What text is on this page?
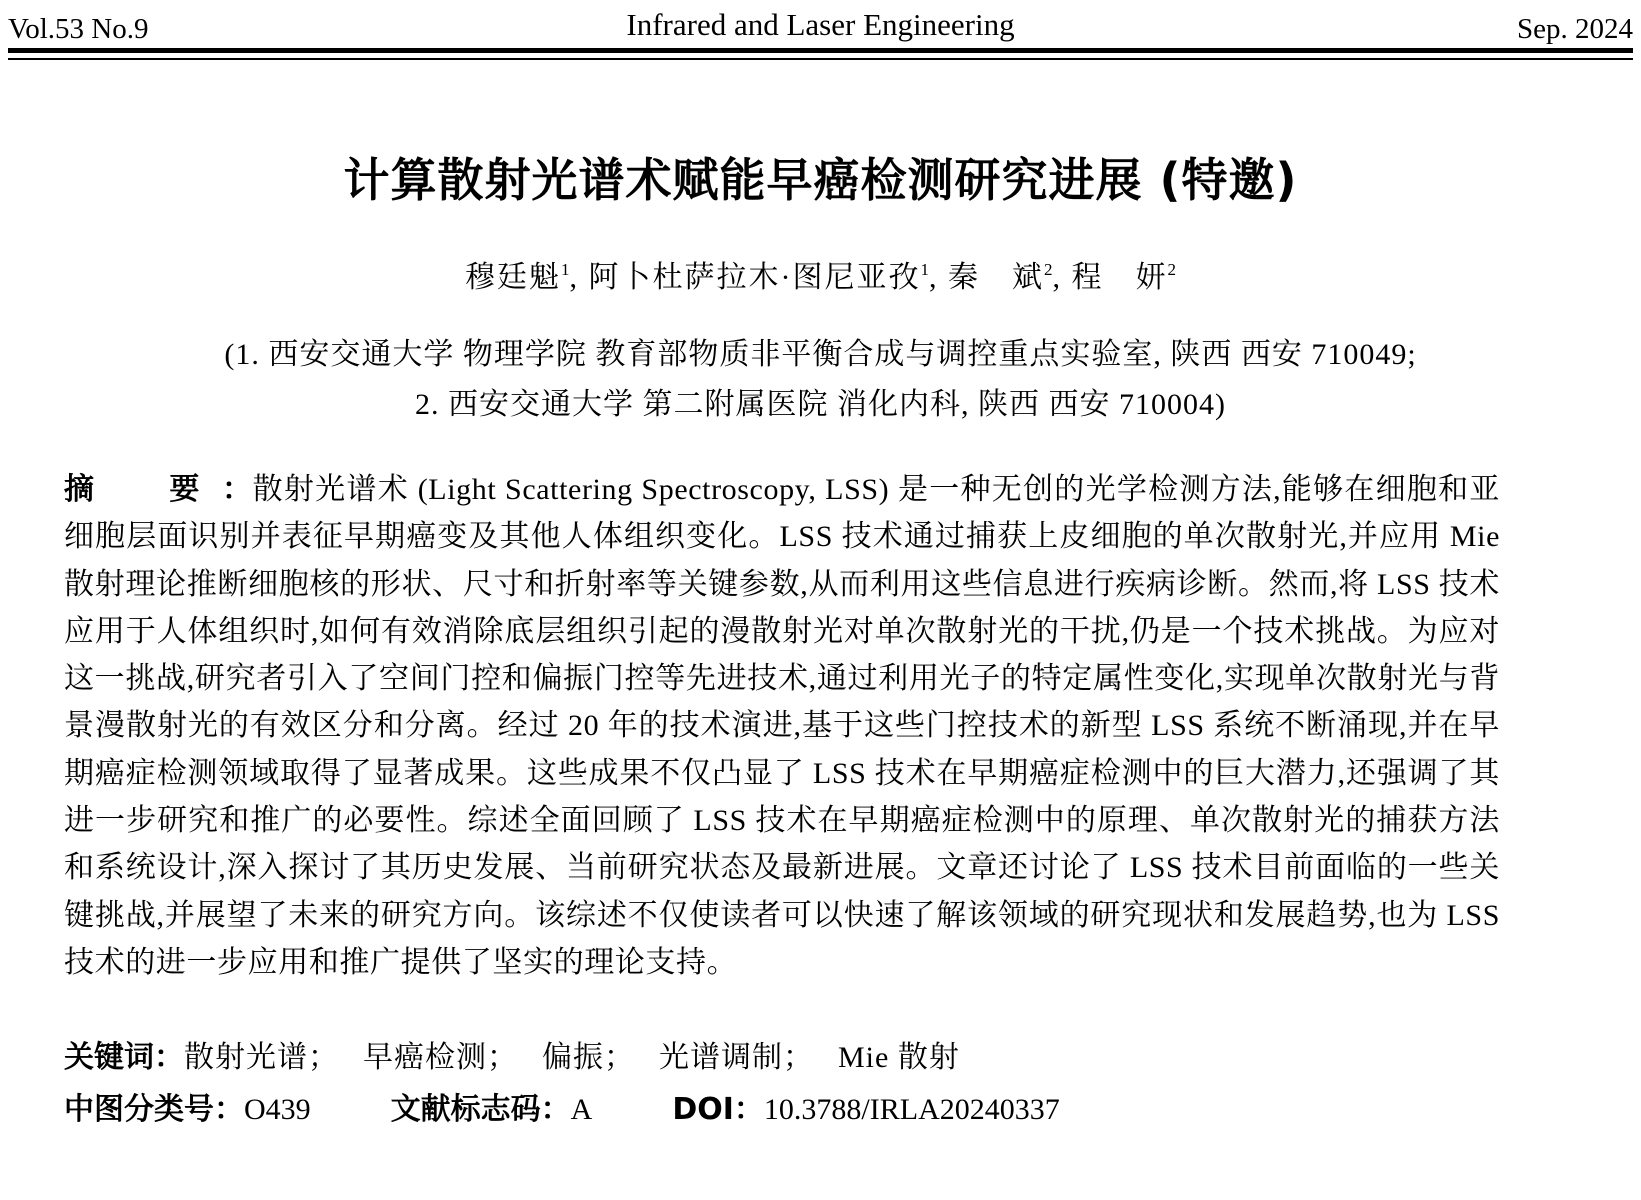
Vol.53 No.9	Infrared and Laser Engineering	Sep. 2024
计算散射光谱术赋能早癌检测研究进展 (特邀)
穆廷魁$^1$, 阿卜杜萨拉木·图尼亚孜$^1$, 秦　斌$^2$, 程　妍$^2$
(1. 西安交通大学 物理学院 教育部物质非平衡合成与调控重点实验室, 陕西 西安 710049;
2. 西安交通大学 第二附属医院 消化内科, 陕西 西安 710004)
摘　要：散射光谱术 (Light Scattering Spectroscopy, LSS) 是一种无创的光学检测方法,能够在细胞和亚细胞层面识别并表征早期癌变及其他人体组织变化。LSS 技术通过捕获上皮细胞的单次散射光,并应用 Mie 散射理论推断细胞核的形状、尺寸和折射率等关键参数,从而利用这些信息进行疾病诊断。然而,将 LSS 技术应用于人体组织时,如何有效消除底层组织引起的漫散射光对单次散射光的干扰,仍是一个技术挑战。为应对这一挑战,研究者引入了空间门控和偏振门控等先进技术,通过利用光子的特定属性变化,实现单次散射光与背景漫散射光的有效区分和分离。经过 20 年的技术演进,基于这些门控技术的新型 LSS 系统不断涌现,并在早期癌症检测领域取得了显著成果。这些成果不仅凸显了 LSS 技术在早期癌症检测中的巨大潜力,还强调了其进一步研究和推广的必要性。综述全面回顾了 LSS 技术在早期癌症检测中的原理、单次散射光的捕获方法和系统设计,深入探讨了其历史发展、当前研究状态及最新进展。文章还讨论了 LSS 技术目前面临的一些关键挑战,并展望了未来的研究方向。该综述不仅使读者可以快速了解该领域的研究现状和发展趋势,也为 LSS 技术的进一步应用和推广提供了坚实的理论支持。
关键词：散射光谱； 早癌检测； 偏振； 光谱调制； Mie 散射
中图分类号：O439	文献标志码：A	DOI：10.3788/IRLA20240337
